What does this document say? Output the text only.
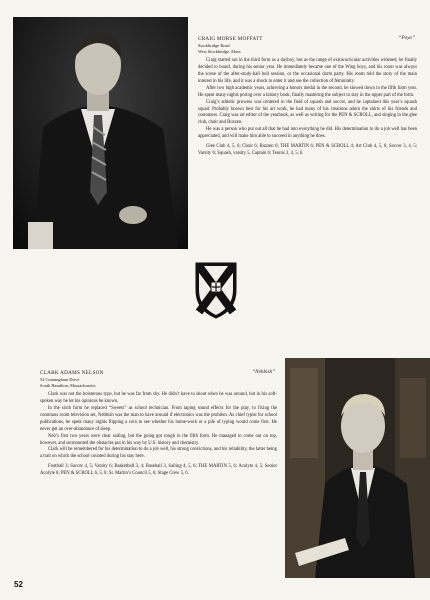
CRAIG MORSE MOFFATT	“Poyo”
Stockbridge Road
West Stockbridge, Mass.

Craig started out in the third form as a dayboy, but as the range of extracurricular activities widened, he finally decided to board, during his senior year. He immediately became one of the Wing boys, and his room was always the scene of the after-study-hall bull session, or the occasional dorm party. His room told the story of the main interest in his life, and it was a shock to enter it and see the collection of femininity.

After two high academic years, achieving a honors medal in the second, he slowed down in the fifth form year. He spent many nights poring over a history book, finally mastering the subject to stay in the upper part of the form.

Craig’s athletic prowess was centered in the field of squash and soccer, and he captained this year’s squash squad. Probably known best for his art work, he had many of his creations adorn the shirts of his friends and customers. Craig was art editor of the yearbook, as well as writing for the PEN & SCROLL, and singing in the glee club, choir and Buzzen.

He was a person who put out all that he had into everything he did. His determination to do a job well has been appreciated, and will make him able to succeed in anything he does.

Glee Club 4, 5, 6; Choir 6; Buzzen 6; THE MARTIN 6; PEN & SCROLL 4; Art Club 4, 5, 6; Soccer 3, 4, 5; Varsity 6; Squash, varsity 5, Captain 6; Tennis 3, 4, 5, 6.
CLARK ADAMS NELSON	“Nebbish”
54 Cunningham Drive
South Hamilton, Massachusetts

Clark was not the boisterous type, but he was far from shy. He didn’t have to shout when he was around, but in his soft-spoken way he let his opinions be known.

In the sixth form he replaced “Sweets” as school technician. From taping sound effects for the play, to fixing the commons room television set, Nebbish was the man to have around if electronics was the problem. As chief typist for school publications, he spent many nights flipping a coin to see whether his home-work or a pile of typing would come first. He never got an over-abundance of sleep.

Neb’s first two years were clear sailing, but the going got rough in the fifth form. He managed to come out on top, however, and surmounted the obstacles put in his way by U.S. history and chemistry.

Clark will be remembered for his determination to do a job well, his strong convictions, and his reliability, the latter being a trait on which the school counted during his stay here.

Football 3; Soccer 4, 5; Varsity 6; Basketball 3, 4; Baseball 3, Sailing 4, 5, 6; THE MARTIN 5, 6; Acolyte 4, 5; Senior Acolyte 6; PEN & SCROLL 6, 5, 6; St. Martin’s Council 5, 6; Stage Crew 5, 6.
52
